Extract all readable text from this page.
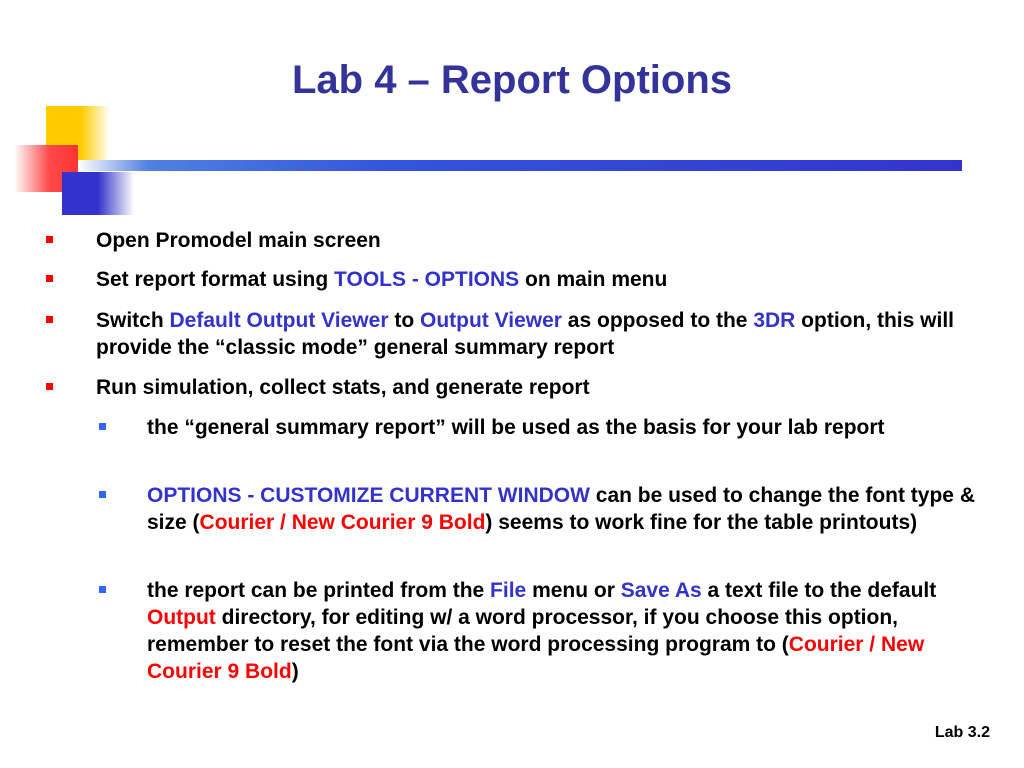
Lab 4 – Report Options
Open Promodel main screen
Set report format using TOOLS - OPTIONS on main menu
Switch Default Output Viewer to Output Viewer as opposed to the 3DR option, this will provide the “classic mode” general summary report
Run simulation, collect stats, and generate report
the “general summary report” will be used as the basis for your lab report
OPTIONS - CUSTOMIZE CURRENT WINDOW can be used to change the font type & size (Courier / New Courier 9 Bold) seems to work fine for the table printouts)
the report can be printed from the File menu or Save As a text file to the default Output directory, for editing w/ a word processor, if you choose this option, remember to reset the font via the word processing program to (Courier / New Courier 9 Bold)
Lab 3.2
